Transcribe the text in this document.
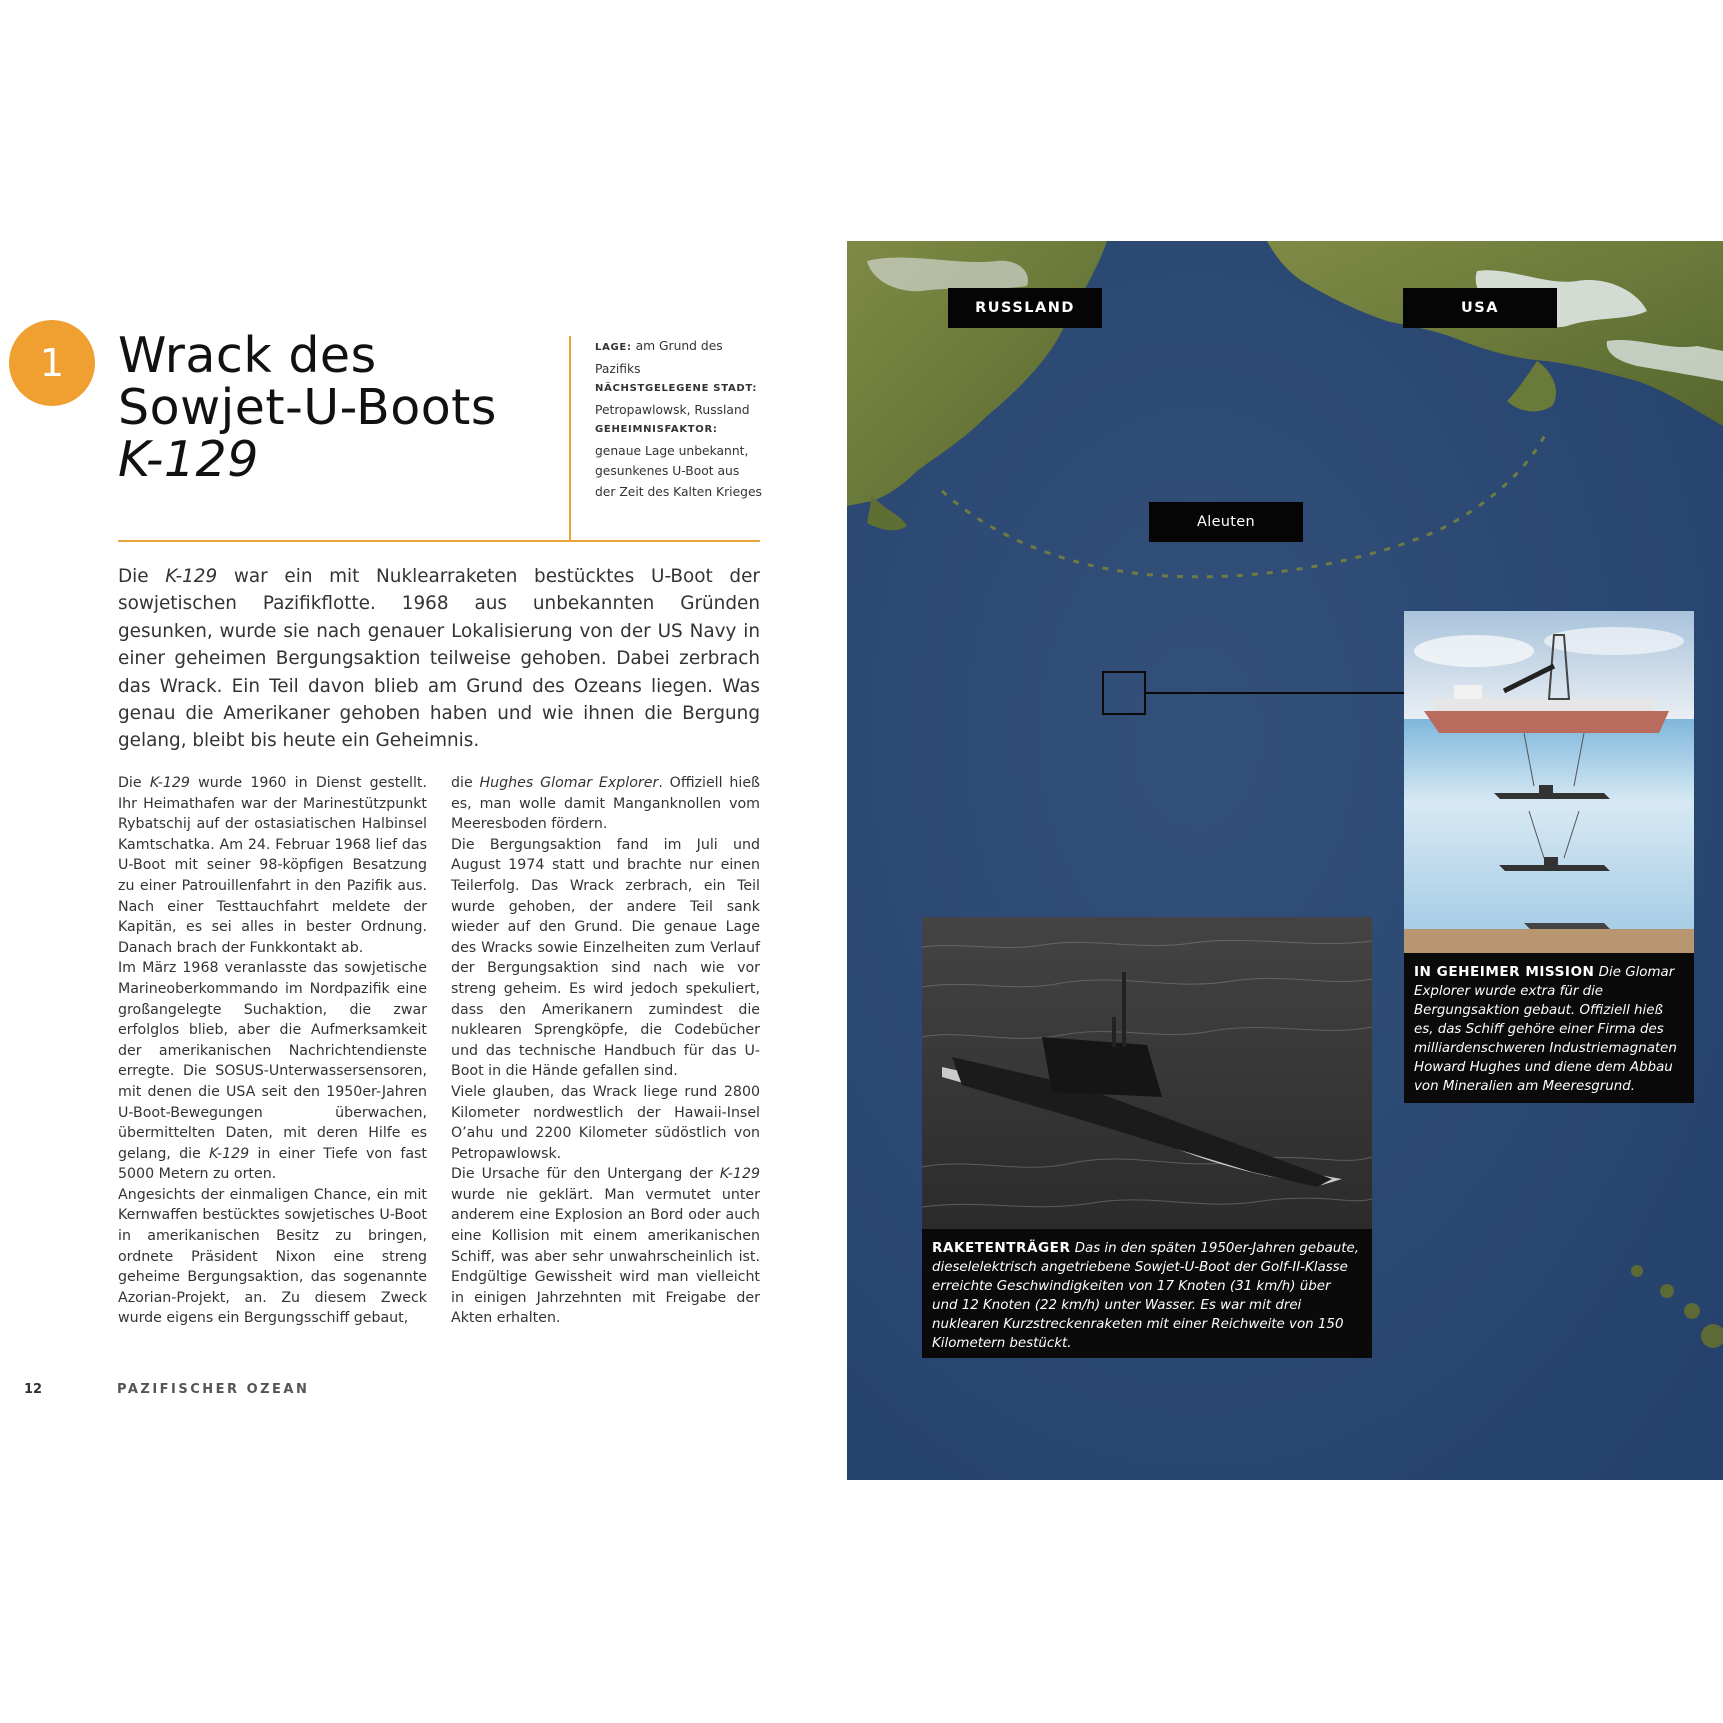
1 Wrack des
Sowjet-U-Boots
K-129
LAGE: am Grund des
Pazifiks
NÄCHSTGELEGENE STADT:
Petropawlowsk, Russland
GEHEIMNISFAKTOR:
genaue Lage unbekannt,
gesunkenes U-Boot aus
der Zeit des Kalten Krieges

Die K-129 war ein mit Nuklearraketen bestücktes U-Boot der sowjetischen Pazifikflotte. 1968 aus unbekannten Gründen gesunken, wurde sie nach genauer Lokalisierung von der US Navy in einer geheimen Bergungsaktion teilweise gehoben. Dabei zerbrach das Wrack. Ein Teil davon blieb am Grund des Ozeans liegen. Was genau die Amerikaner gehoben haben und wie ihnen die Bergung gelang, bleibt bis heute ein Geheimnis.

Die K-129 wurde 1960 in Dienst gestellt. Ihr Heimathafen war der Marinestützpunkt Rybatschij auf der ostasiatischen Halbinsel Kamtschatka. Am 24. Februar 1968 lief das U-Boot mit seiner 98-köpfigen Besatzung zu einer Patrouillenfahrt in den Pazifik aus. Nach einer Testtauchfahrt meldete der Kapitän, es sei alles in bester Ordnung. Danach brach der Funkkontakt ab.

Im März 1968 veranlasste das sowjetische Marineoberkommando im Nordpazifik eine großangelegte Suchaktion, die zwar erfolglos blieb, aber die Aufmerksamkeit der amerikanischen Nachrichtendienste erregte. Die SOSUS-Unterwassersensoren, mit denen die USA seit den 1950er-Jahren U-Boot-Bewegungen überwachen, übermittelten Daten, mit deren Hilfe es gelang, die K-129 in einer Tiefe von fast 5000 Metern zu orten.

Angesichts der einmaligen Chance, ein mit Kernwaffen bestücktes sowjetisches U-Boot in amerikanischen Besitz zu bringen, ordnete Präsident Nixon eine streng geheime Bergungsaktion, das sogenannte Azorian-Projekt, an. Zu diesem Zweck wurde eigens ein Bergungsschiff gebaut,

die Hughes Glomar Explorer. Offiziell hieß es, man wolle damit Manganknollen vom Meeresboden fördern.

Die Bergungsaktion fand im Juli und August 1974 statt und brachte nur einen Teilerfolg. Das Wrack zerbrach, ein Teil wurde gehoben, der andere Teil sank wieder auf den Grund. Die genaue Lage des Wracks sowie Einzelheiten zum Verlauf der Bergungsaktion sind nach wie vor streng geheim. Es wird jedoch spekuliert, dass den Amerikanern zumindest die nuklearen Sprengköpfe, die Codebücher und das technische Handbuch für das U-Boot in die Hände gefallen sind.

Viele glauben, das Wrack liege rund 2800 Kilometer nordwestlich der Hawaii-Insel O’ahu und 2200 Kilometer südöstlich von Petropawlowsk.

Die Ursache für den Untergang der K-129 wurde nie geklärt. Man vermutet unter anderem eine Explosion an Bord oder auch eine Kollision mit einem amerikanischen Schiff, was aber sehr unwahrscheinlich ist. Endgültige Gewissheit wird man vielleicht in einigen Jahrzehnten mit Freigabe der Akten erhalten.

12	PAZIFISCHER OZEAN
RUSSLAND	USA
Aleuten
IN GEHEIMER MISSION Die Glomar Explorer wurde extra für die Bergungsaktion gebaut. Offiziell hieß es, das Schiff gehöre einer Firma des milliardenschweren Industriemagnaten Howard Hughes und diene dem Abbau von Mineralien am Meeresgrund.
RAKETENTRÄGER Das in den späten 1950er-Jahren gebaute, dieselelektrisch angetriebene Sowjet-U-Boot der Golf-II-Klasse erreichte Geschwindigkeiten von 17 Knoten (31 km/h) über und 12 Knoten (22 km/h) unter Wasser. Es war mit drei nuklearen Kurzstreckenraketen mit einer Reichweite von 150 Kilometern bestückt.
